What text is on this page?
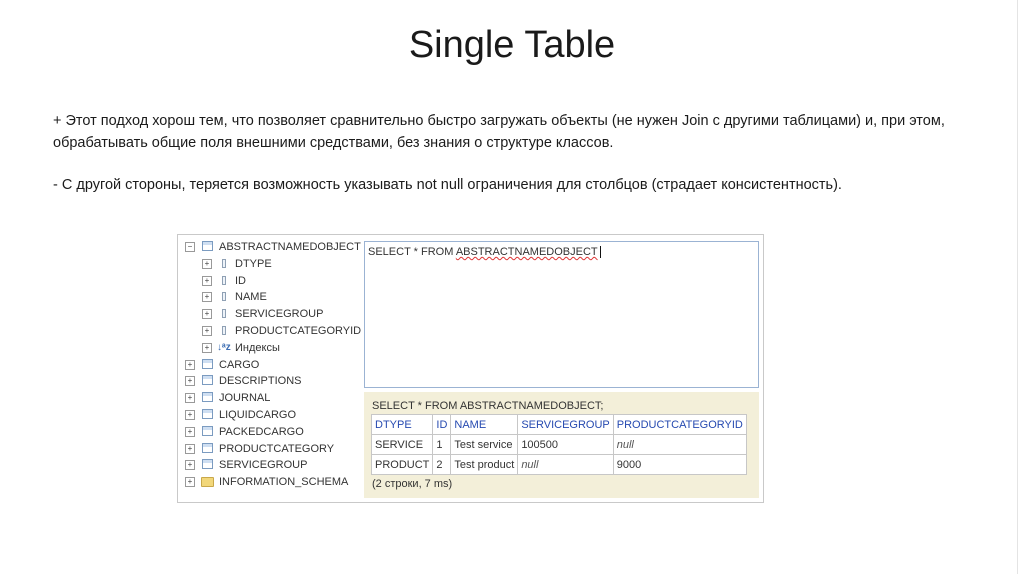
Single Table
+ Этот подход хорош тем, что позволяет сравнительно быстро загружать объекты (не нужен Join с другими таблицами) и, при этом, обрабатывать общие поля внешними средствами, без знания о структуре классов.
- С другой стороны, теряется возможность указывать not null ограничения для столбцов (страдает консистентность).
− ABSTRACTNAMEDOBJECT
+ DTYPE
+ ID
+ NAME
+ SERVICEGROUP
+ PRODUCTCATEGORYID
+ ↓ᵃz Индексы
+ CARGO
+ DESCRIPTIONS
+ JOURNAL
+ LIQUIDCARGO
+ PACKEDCARGO
+ PRODUCTCATEGORY
+ SERVICEGROUP
+ INFORMATION_SCHEMA
SELECT * FROM ABSTRACTNAMEDOBJECT
SELECT * FROM ABSTRACTNAMEDOBJECT;
DTYPE	ID	NAME	SERVICEGROUP	PRODUCTCATEGORYID
SERVICE	1	Test service	100500	null
PRODUCT	2	Test product	null	9000
(2 строки, 7 ms)
